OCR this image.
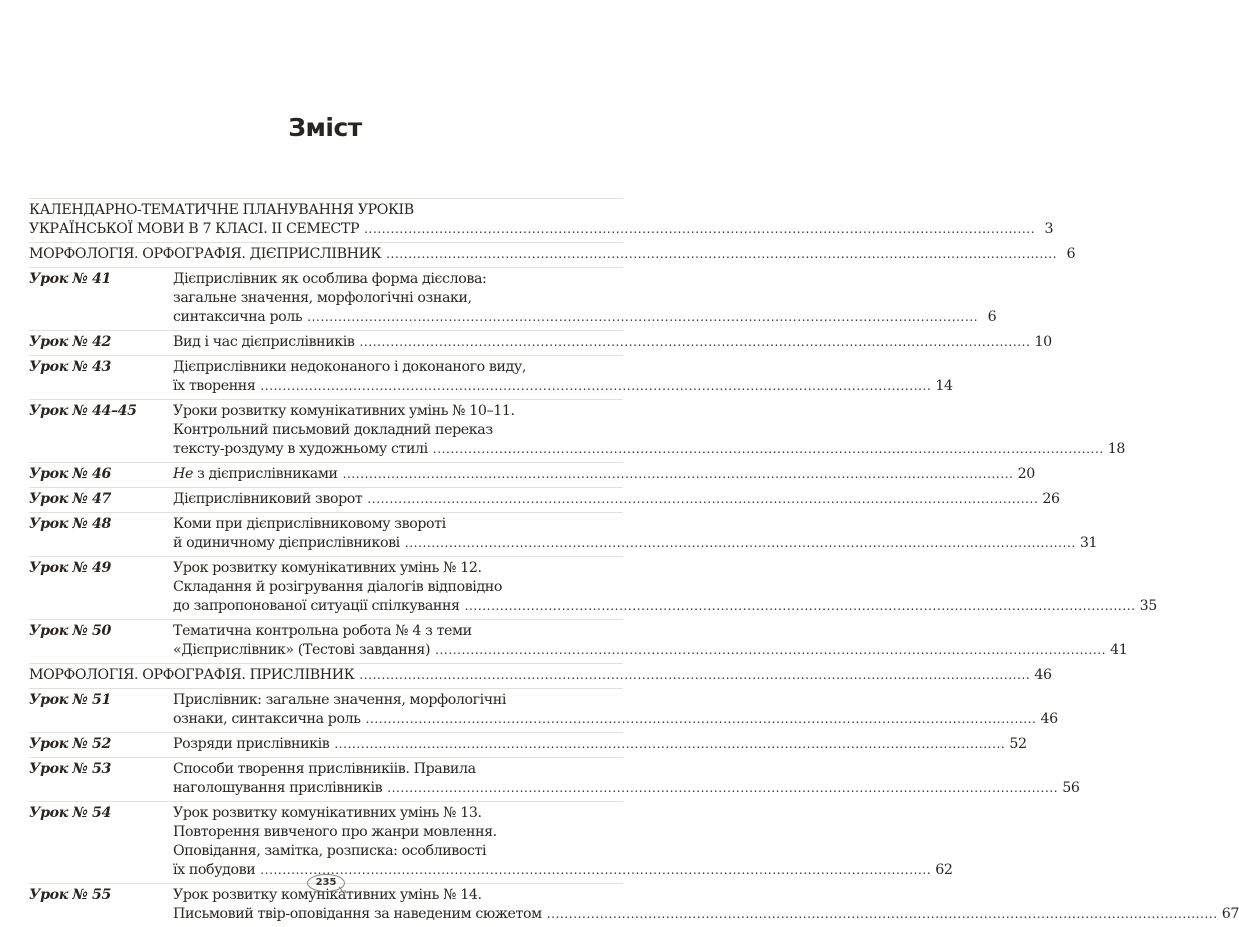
Зміст
КАЛЕНДАРНО-ТЕМАТИЧНЕ ПЛАНУВАННЯ УРОКІВ
УКРАЇНСЬКОЇ МОВИ В 7 КЛАСІ. ІІ СЕМЕСТР .....	3
МОРФОЛОГІЯ. ОРФОГРАФІЯ. ДІЄПРИСЛІВНИК .....	6
Урок № 41	Дієприслівник як особлива форма дієслова:
загальне значення, морфологічні ознаки,
синтаксична роль .....	6
Урок № 42	Вид і час дієприслівників .....	10
Урок № 43	Дієприслівники недоконаного і доконаного виду,
їх творення .....	14
Урок № 44–45	Уроки розвитку комунікативних умінь № 10–11.
Контрольний письмовий докладний переказ
тексту-роздуму в художньому стилі .....	18
Урок № 46	Не з дієприслівниками .....	20
Урок № 47	Дієприслівниковий зворот .....	26
Урок № 48	Коми при дієприслівниковому звороті
й одиничному дієприслівникові .....	31
Урок № 49	Урок розвитку комунікативних умінь № 12.
Складання й розігрування діалогів відповідно
до запропонованої ситуації спілкування .....	35
Урок № 50	Тематична контрольна робота № 4 з теми
«Дієприслівник» (Тестові завдання) .....	41
МОРФОЛОГІЯ. ОРФОГРАФІЯ. ПРИСЛІВНИК .....	46
Урок № 51	Прислівник: загальне значення, морфологічні
ознаки, синтаксична роль .....	46
Урок № 52	Розряди прислівників .....	52
Урок № 53	Способи творення прислівникіів. Правила
наголошування прислівників .....	56
Урок № 54	Урок розвитку комунікативних умінь № 13.
Повторення вивченого про жанри мовлення.
Оповідання, замітка, розписка: особливості
їх побудови .....	62
Урок № 55	Урок розвитку комунікативних умінь № 14.
Письмовий твір-оповідання за наведеним сюжетом .....	67
235
